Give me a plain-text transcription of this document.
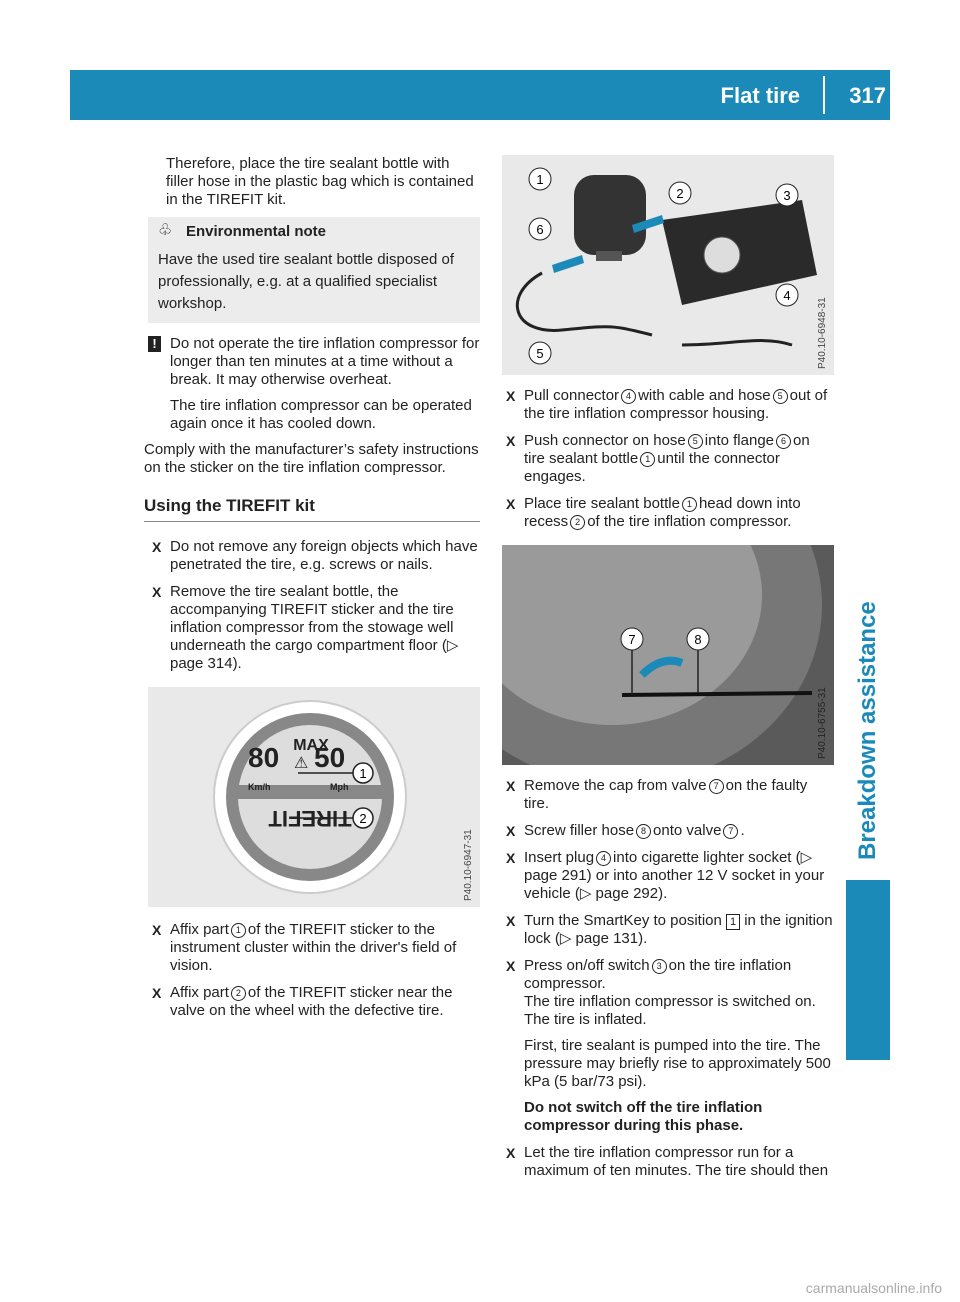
Flat tire 317
Breakdown assistance

Therefore, place the tire sealant bottle with filler hose in the plastic bag which is contained in the TIREFIT kit.

♧ Environmental note

Have the used tire sealant bottle disposed of professionally, e.g. at a qualified specialist workshop.

! Do not operate the tire inflation compressor for longer than ten minutes at a time without a break. It may otherwise overheat.

The tire inflation compressor can be operated again once it has cooled down.

Comply with the manufacturer’s safety instructions on the sticker on the tire inflation compressor.

Using the TIREFIT kit
X Do not remove any foreign objects which have penetrated the tire, e.g. screws or nails.
X Remove the tire sealant bottle, the accompanying TIREFIT sticker and the tire inflation compressor from the stowage well underneath the cargo compartment floor (▷ page 314).
1
2
MAX
80 ⚠ 50
Km/h	Mph
TIREFIT
P40.10-6947-31
X Affix part 1 of the TIREFIT sticker to the instrument cluster within the driver's field of vision.
X Affix part 2 of the TIREFIT sticker near the valve on the wheel with the defective tire.
1
2	3
4
5
6
P40.10-6948-31
X Pull connector 4 with cable and hose 5 out of the tire inflation compressor housing.
X Push connector on hose 5 into flange 6 on tire sealant bottle 1 until the connector engages.
X Place tire sealant bottle 1 head down into recess 2 of the tire inflation compressor.
7	8
P40.10-6755-31
X Remove the cap from valve 7 on the faulty tire.
X Screw filler hose 8 onto valve 7 .
X Insert plug 4 into cigarette lighter socket (▷ page 291) or into another 12 V socket in your vehicle (▷ page 292).
X Turn the SmartKey to position 1 in the ignition lock (▷ page 131).
X Press on/off switch 3 on the tire inflation compressor.
The tire inflation compressor is switched on. The tire is inflated.

First, tire sealant is pumped into the tire. The pressure may briefly rise to approximately 500 kPa (5 bar/73 psi).

Do not switch off the tire inflation compressor during this phase.

X Let the tire inflation compressor run for a maximum of ten minutes. The tire should then
carmanualsonline.info
